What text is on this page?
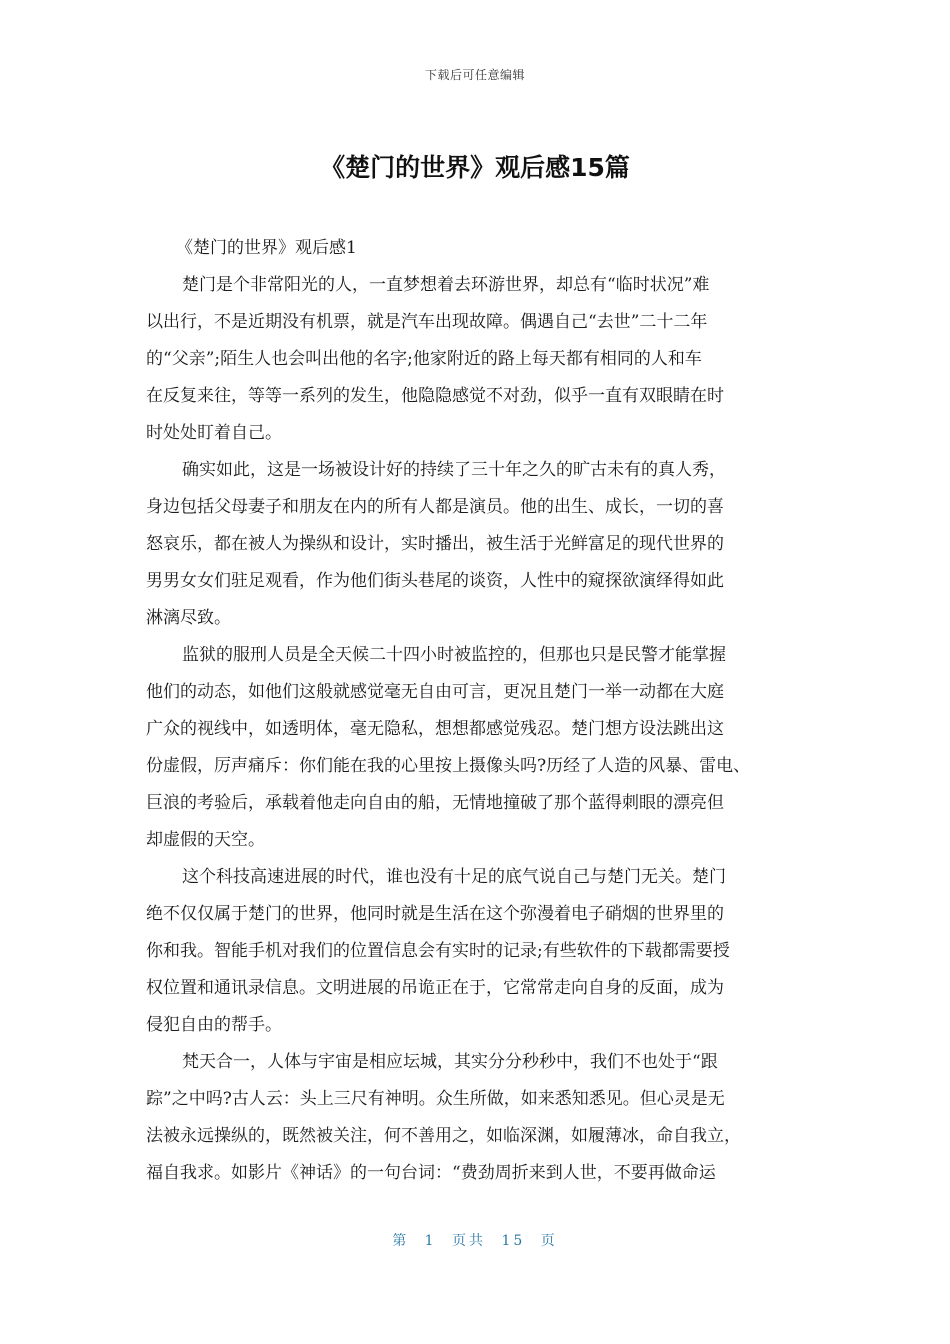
下载后可任意编辑
《楚门的世界》观后感15篇

《楚门的世界》观后感1

楚门是个非常阳光的人，一直梦想着去环游世界，却总有“临时状况”难
以出行，不是近期没有机票，就是汽车出现故障。偶遇自己“去世”二十二年
的“父亲”;陌生人也会叫出他的名字;他家附近的路上每天都有相同的人和车
在反复来往，等等一系列的发生，他隐隐感觉不对劲，似乎一直有双眼睛在时
时处处盯着自己。

确实如此，这是一场被设计好的持续了三十年之久的旷古未有的真人秀，
身边包括父母妻子和朋友在内的所有人都是演员。他的出生、成长，一切的喜
怒哀乐，都在被人为操纵和设计，实时播出，被生活于光鲜富足的现代世界的
男男女女们驻足观看，作为他们街头巷尾的谈资，人性中的窥探欲演绎得如此
淋漓尽致。

监狱的服刑人员是全天候二十四小时被监控的，但那也只是民警才能掌握
他们的动态，如他们这般就感觉毫无自由可言，更况且楚门一举一动都在大庭
广众的视线中，如透明体，毫无隐私，想想都感觉残忍。楚门想方设法跳出这
份虚假，厉声痛斥：你们能在我的心里按上摄像头吗?历经了人造的风暴、雷电、
巨浪的考验后，承载着他走向自由的船，无情地撞破了那个蓝得刺眼的漂亮但
却虚假的天空。

这个科技高速进展的时代，谁也没有十足的底气说自己与楚门无关。楚门
绝不仅仅属于楚门的世界，他同时就是生活在这个弥漫着电子硝烟的世界里的
你和我。智能手机对我们的位置信息会有实时的记录;有些软件的下载都需要授
权位置和通讯录信息。文明进展的吊诡正在于，它常常走向自身的反面，成为
侵犯自由的帮手。

梵天合一，人体与宇宙是相应坛城，其实分分秒秒中，我们不也处于“跟
踪”之中吗?古人云：头上三尺有神明。众生所做，如来悉知悉见。但心灵是无
法被永远操纵的，既然被关注，何不善用之，如临深渊，如履薄冰，命自我立，
福自我求。如影片《神话》的一句台词：“费劲周折来到人世，不要再做命运

第 1 页共 15 页
